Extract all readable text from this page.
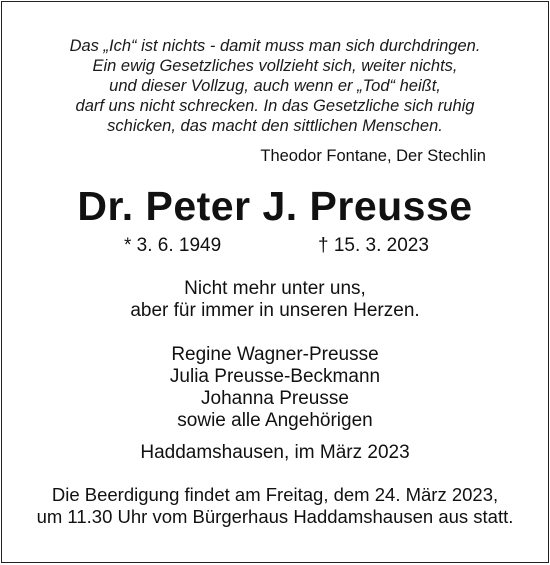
Das „Ich“ ist nichts - damit muss man sich durchdringen.
Ein ewig Gesetzliches vollzieht sich, weiter nichts,
und dieser Vollzug, auch wenn er „Tod“ heißt,
darf uns nicht schrecken. In das Gesetzliche sich ruhig
schicken, das macht den sittlichen Menschen.
Theodor Fontane, Der Stechlin
Dr. Peter J. Preusse
* 3. 6. 1949	† 15. 3. 2023
Nicht mehr unter uns,
aber für immer in unseren Herzen.
Regine Wagner-Preusse
Julia Preusse-Beckmann
Johanna Preusse
sowie alle Angehörigen
Haddamshausen, im März 2023
Die Beerdigung findet am Freitag, dem 24. März 2023,
um 11.30 Uhr vom Bürgerhaus Haddamshausen aus statt.
